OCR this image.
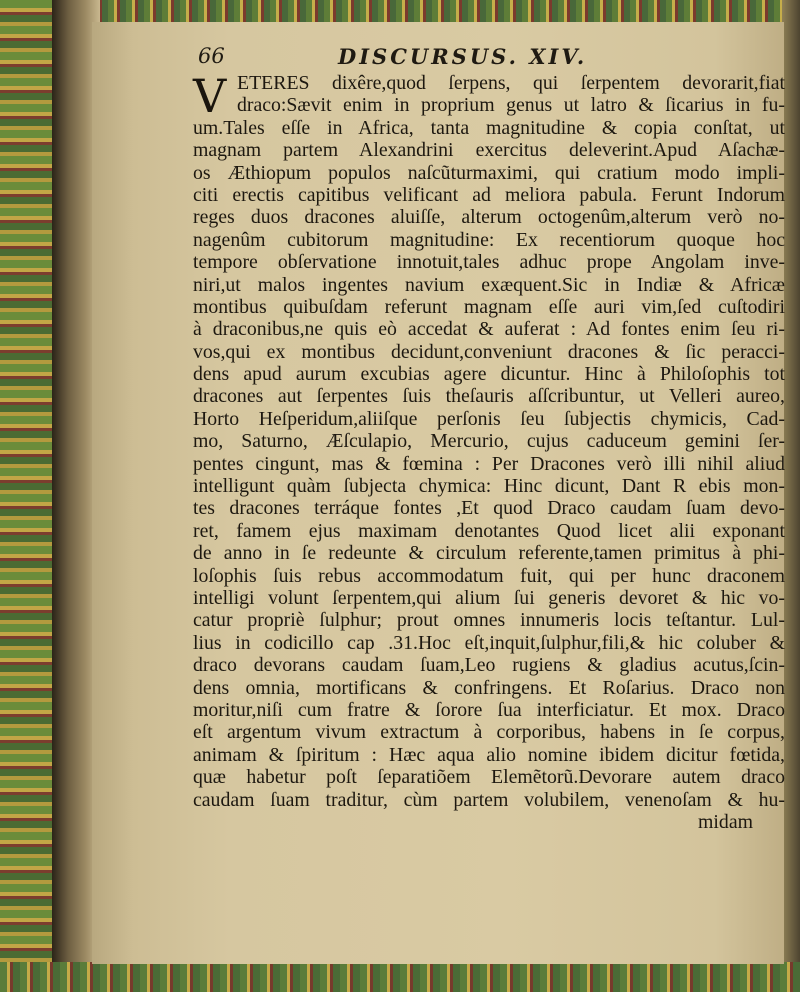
66	DISCURSUS. XIV.
V ETERES dixêre,quod ſerpens, qui ſerpentem devorarit,fiat
draco:Sævit enim in proprium genus ut latro & ſicarius in fu-
um.Tales eſſe in Africa, tanta magnitudine & copia conſtat, ut
magnam partem Alexandrini exercitus deleverint.Apud Aſachæ-
os Æthiopum populos naſcũturmaximi, qui cratium modo impli-
citi erectis capitibus velificant ad meliora pabula. Ferunt Indorum
reges duos dracones aluiſſe, alterum octogenûm,alterum verò no-
nagenûm cubitorum magnitudine: Ex recentiorum quoque hoc
tempore obſervatione innotuit,tales adhuc prope Angolam inve-
niri,ut malos ingentes navium exæquent.Sic in Indiæ & Africæ
montibus quibuſdam referunt magnam eſſe auri vim,ſed cuſtodiri
à draconibus,ne quis eò accedat & auferat : Ad fontes enim ſeu ri-
vos,qui ex montibus decidunt,conveniunt dracones & ſic peracci-
dens apud aurum excubias agere dicuntur. Hinc à Philoſophis tot
dracones aut ſerpentes ſuis theſauris aſſcribuntur, ut Velleri aureo,
Horto Heſperidum,aliiſque perſonis ſeu ſubjectis chymicis, Cad-
mo, Saturno, Æſculapio, Mercurio, cujus caduceum gemini ſer-
pentes cingunt, mas & fœmina : Per Dracones verò illi nihil aliud
intelligunt quàm ſubjecta chymica: Hinc dicunt, Dant R ebis mon-
tes dracones terráque fontes ,Et quod Draco caudam ſuam devo-
ret, famem ejus maximam denotantes Quod licet alii exponant
de anno in ſe redeunte & circulum referente,tamen primitus à phi-
loſophis ſuis rebus accommodatum fuit, qui per hunc draconem
intelligi volunt ſerpentem,qui alium ſui generis devoret & hic vo-
catur propriè ſulphur; prout omnes innumeris locis teſtantur. Lul-
lius in codicillo cap .31.Hoc eſt,inquit,ſulphur,fili,& hic coluber &
draco devorans caudam ſuam,Leo rugiens & gladius acutus,ſcin-
dens omnia, mortificans & confringens. Et Roſarius. Draco non
moritur,niſi cum fratre & ſorore ſua interficiatur. Et mox. Draco
eſt argentum vivum extractum à corporibus, habens in ſe corpus,
animam & ſpiritum : Hæc aqua alio nomine ibidem dicitur fœtida,
quæ habetur poſt ſeparatiõem Elemẽtorũ.Devorare autem draco
caudam ſuam traditur, cùm partem volubilem, venenoſam & hu-
midam
